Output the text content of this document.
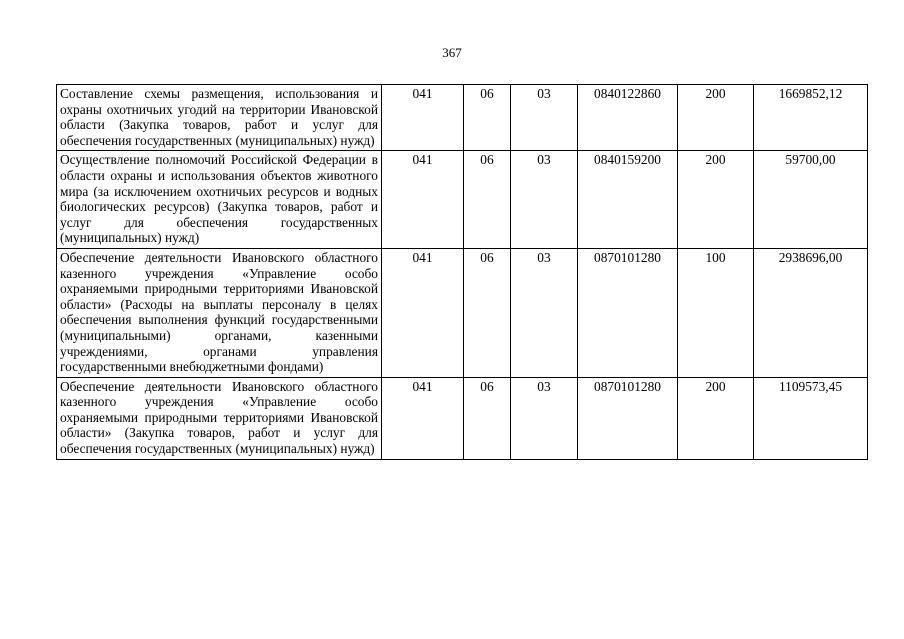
367
Составление схемы размещения, использования и охраны охотничьих угодий на территории Ивановской области (Закупка товаров, работ и услуг для обеспечения государственных (муниципальных) нужд)	041	06	03	0840122860	200	1669852,12
Осуществление полномочий Российской Федерации в области охраны и использования объектов животного мира (за исключением охотничьих ресурсов и водных биологических ресурсов) (Закупка товаров, работ и услуг для обеспечения государственных (муниципальных) нужд)	041	06	03	0840159200	200	59700,00
Обеспечение деятельности Ивановского областного казенного учреждения «Управление особо охраняемыми природными территориями Ивановской области» (Расходы на выплаты персоналу в целях обеспечения выполнения функций государственными (муниципальными) органами, казенными учреждениями, органами управления государственными внебюджетными фондами)	041	06	03	0870101280	100	2938696,00
Обеспечение деятельности Ивановского областного казенного учреждения «Управление особо охраняемыми природными территориями Ивановской области» (Закупка товаров, работ и услуг для обеспечения государственных (муниципальных) нужд)	041	06	03	0870101280	200	1109573,45
